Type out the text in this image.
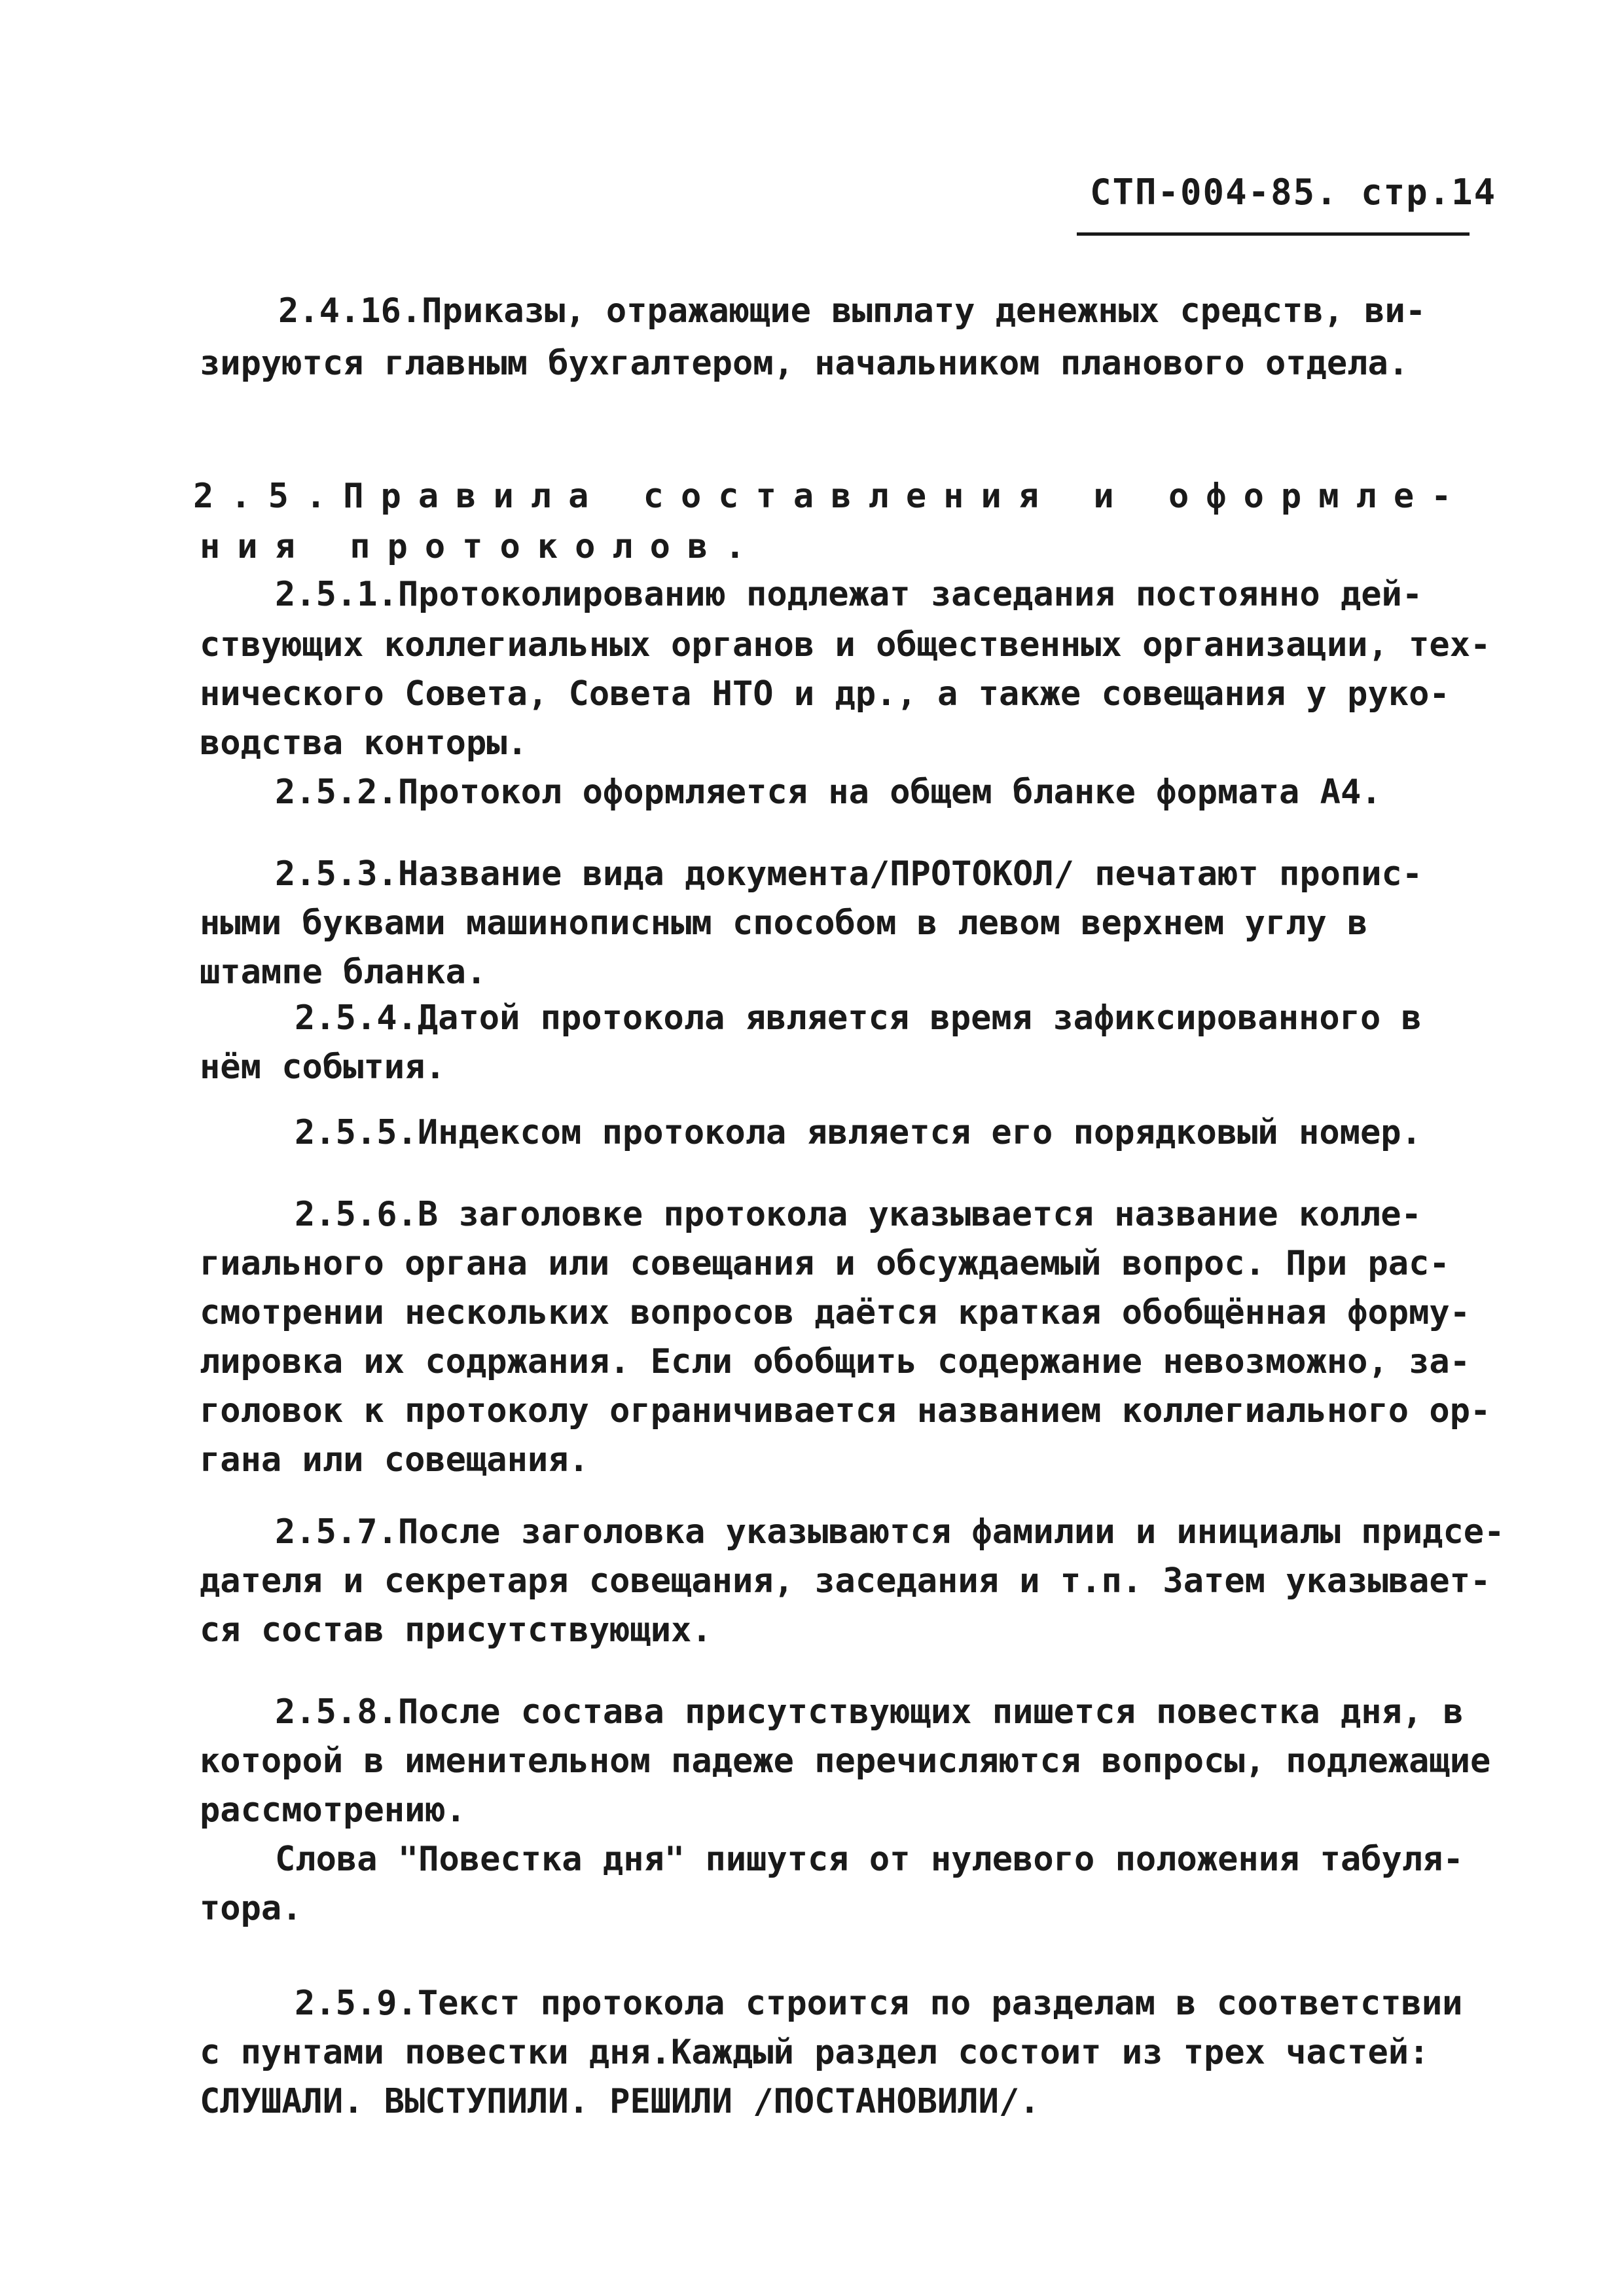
СТП-004-85. стр.14
2.4.16.Приказы, отражающие выплату денежных средств, ви-
зируются главным бухгалтером, начальником планового отдела.
2.5.Правила составления и оформле-
ния протоколов.
2.5.1.Протоколированию подлежат заседания постоянно дей-
ствующих коллегиальных органов и общественных организации, тех-
нического Совета, Совета НТО и др., а также совещания у руко-
водства конторы.
2.5.2.Протокол оформляется на общем бланке формата А4.
2.5.3.Название вида документа/ПРОТОКОЛ/ печатают пропис-
ными буквами машинописным способом в левом верхнем углу в
штампе бланка.
2.5.4.Датой протокола является время зафиксированного в
нём события.
2.5.5.Индексом протокола является его порядковый номер.
2.5.6.В заголовке протокола указывается название колле-
гиального органа или совещания и обсуждаемый вопрос. При рас-
смотрении нескольких вопросов даётся краткая обобщённая форму-
лировка их содржания. Если обобщить содержание невозможно, за-
головок к протоколу ограничивается названием коллегиального ор-
гана или совещания.
2.5.7.После заголовка указываются фамилии и инициалы придсе-
дателя и секретаря совещания, заседания и т.п. Затем указывает-
ся состав присутствующих.
2.5.8.После состава присутствующих пишется повестка дня, в
которой в именительном падеже перечисляются вопросы, подлежащие
рассмотрению.
Слова "Повестка дня" пишутся от нулевого положения табуля-
тора.
2.5.9.Текст протокола строится по разделам в соответствии
с пунтами повестки дня.Каждый раздел состоит из трех частей:
СЛУШАЛИ. ВЫСТУПИЛИ. РЕШИЛИ /ПОСТАНОВИЛИ/.
